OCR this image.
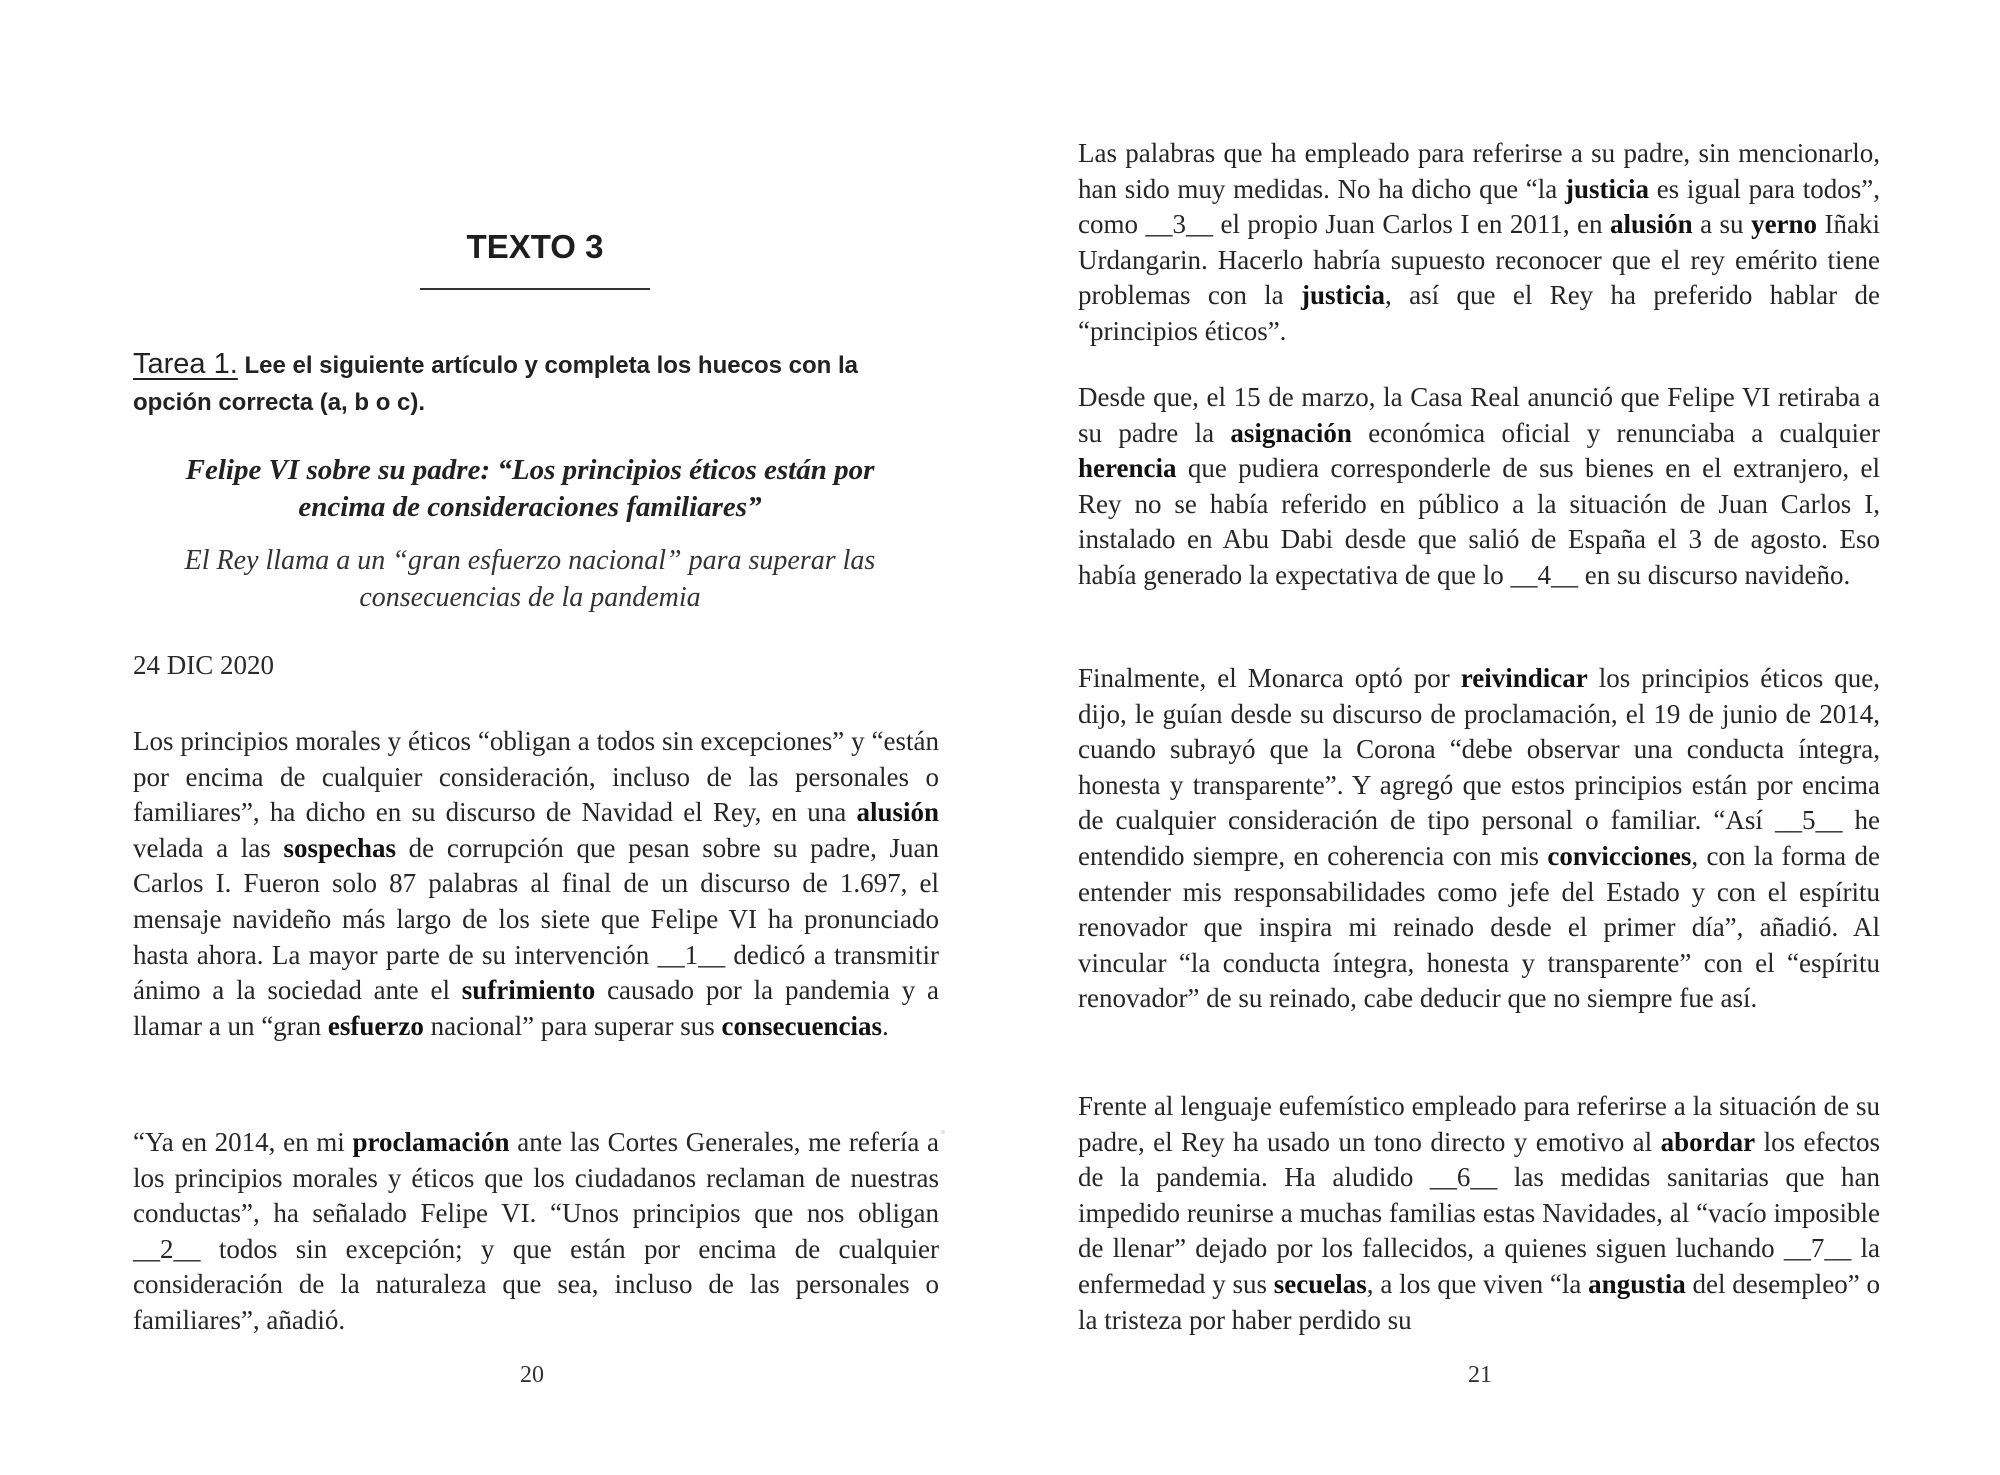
TEXTO 3
Tarea 1. Lee el siguiente artículo y completa los huecos con la opción correcta (a, b o c).
Felipe VI sobre su padre: “Los principios éticos están por encima de consideraciones familiares”
El Rey llama a un “gran esfuerzo nacional” para superar las consecuencias de la pandemia
24 DIC 2020

Los principios morales y éticos “obligan a todos sin excepciones” y “están por encima de cualquier consideración, incluso de las personales o familiares”, ha dicho en su discurso de Navidad el Rey, en una alusión velada a las sospechas de corrupción que pesan sobre su padre, Juan Carlos I. Fueron solo 87 palabras al final de un discurso de 1.697, el mensaje navideño más largo de los siete que Felipe VI ha pronunciado hasta ahora. La mayor parte de su intervención __1__ dedicó a transmitir ánimo a la sociedad ante el sufrimiento causado por la pandemia y a llamar a un “gran esfuerzo nacional” para superar sus consecuencias.

“Ya en 2014, en mi proclamación ante las Cortes Generales, me refería a los principios morales y éticos que los ciudadanos reclaman de nuestras conductas”, ha señalado Felipe VI. “Unos principios que nos obligan __2__ todos sin excepción; y que están por encima de cualquier consideración de la naturaleza que sea, incluso de las personales o familiares”, añadió.

20

Las palabras que ha empleado para referirse a su padre, sin mencionarlo, han sido muy medidas. No ha dicho que “la justicia es igual para todos”, como __3__ el propio Juan Carlos I en 2011, en alusión a su yerno Iñaki Urdangarin. Hacerlo habría supuesto reconocer que el rey emérito tiene problemas con la justicia, así que el Rey ha preferido hablar de “principios éticos”.

Desde que, el 15 de marzo, la Casa Real anunció que Felipe VI retiraba a su padre la asignación económica oficial y renunciaba a cualquier herencia que pudiera corresponderle de sus bienes en el extranjero, el Rey no se había referido en público a la situación de Juan Carlos I, instalado en Abu Dabi desde que salió de España el 3 de agosto. Eso había generado la expectativa de que lo __4__ en su discurso navideño.

Finalmente, el Monarca optó por reivindicar los principios éticos que, dijo, le guían desde su discurso de proclamación, el 19 de junio de 2014, cuando subrayó que la Corona “debe observar una conducta íntegra, honesta y transparente”. Y agregó que estos principios están por encima de cualquier consideración de tipo personal o familiar. “Así __5__ he entendido siempre, en coherencia con mis convicciones, con la forma de entender mis responsabilidades como jefe del Estado y con el espíritu renovador que inspira mi reinado desde el primer día”, añadió. Al vincular “la conducta íntegra, honesta y transparente” con el “espíritu renovador” de su reinado, cabe deducir que no siempre fue así.

Frente al lenguaje eufemístico empleado para referirse a la situación de su padre, el Rey ha usado un tono directo y emotivo al abordar los efectos de la pandemia. Ha aludido __6__ las medidas sanitarias que han impedido reunirse a muchas familias estas Navidades, al “vacío imposible de llenar” dejado por los fallecidos, a quienes siguen luchando __7__ la enfermedad y sus secuelas, a los que viven “la angustia del desempleo” o la tristeza por haber perdido su

21
